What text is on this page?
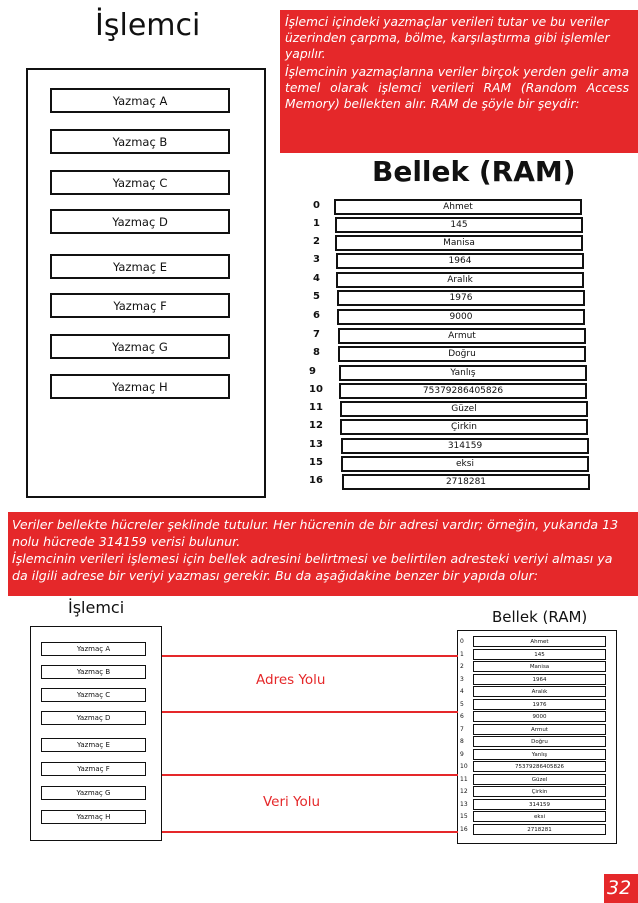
İşlemci
Yazmaç A
Yazmaç B
Yazmaç C
Yazmaç D
Yazmaç E
Yazmaç F
Yazmaç G
Yazmaç H
İşlemci içindeki yazmaçlar verileri tutar ve bu veriler üzerinden çarpma, bölme, karşılaştırma gibi işlemler yapılır.
İşlemcinin yazmaçlarına veriler birçok yerden gelir ama temel olarak işlemci verileri RAM (Random Access Memory) bellekten alır. RAM de şöyle bir şeydir:
Bellek (RAM)
0
1
2
3
4
5
6
7
8
9
10
11
12
13
15
16
Ahmet
145
Manisa
1964
Aralık
1976
9000
Armut
Doğru
Yanlış
75379286405826
Güzel
Çirkin
314159
eksi
2718281
Veriler bellekte hücreler şeklinde tutulur. Her hücrenin de bir adresi vardır; örneğin, yukarıda 13 nolu hücrede 314159 verisi bulunur.
İşlemcinin verileri işlemesi için bellek adresini belirtmesi ve belirtilen adresteki veriyi alması ya da ilgili adrese bir veriyi yazması gerekir. Bu da aşağıdakine benzer bir yapıda olur:
İşlemci
Yazmaç A
Yazmaç B
Yazmaç C
Yazmaç D
Yazmaç E
Yazmaç F
Yazmaç G
Yazmaç H
Bellek (RAM)
0
1
2
3
4
5
6
7
8
9
10
11
12
13
15
16
Ahmet
145
Manisa
1964
Aralık
1976
9000
Armut
Doğru
Yanlış
75379286405826
Güzel
Çirkin
314159
eksi
2718281
Adres Yolu
Veri Yolu
32
